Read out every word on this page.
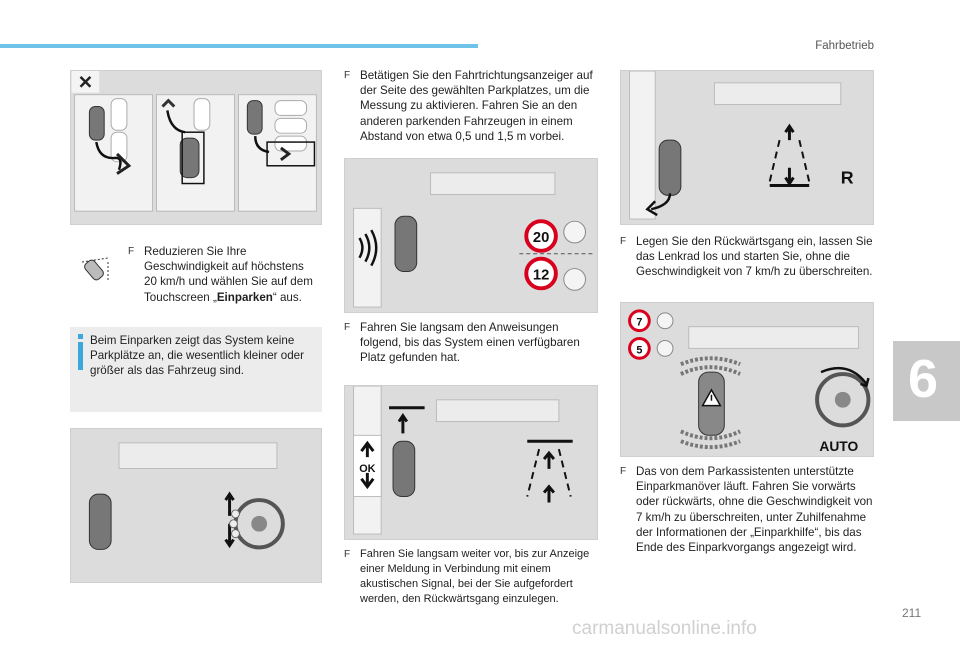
Fahrbetrieb
6
211
F Reduzieren Sie Ihre Geschwindigkeit auf höchstens 20 km/h und wählen Sie auf dem Touchscreen „Einparken“ aus.
Beim Einparken zeigt das System keine Parkplätze an, die wesentlich kleiner oder größer als das Fahrzeug sind.
F Betätigen Sie den Fahrtrichtungsanzeiger auf der Seite des gewählten Parkplatzes, um die Messung zu aktivieren. Fahren Sie an den anderen parkenden Fahrzeugen in einem Abstand von etwa 0,5 und 1,5 m vorbei.
20
12
F Fahren Sie langsam den Anweisungen folgend, bis das System einen verfügbaren Platz gefunden hat.
OK
F Fahren Sie langsam weiter vor, bis zur Anzeige einer Meldung in Verbindung mit einem akustischen Signal, bei der Sie aufgefordert werden, den Rückwärtsgang einzulegen.
R
F Legen Sie den Rückwärtsgang ein, lassen Sie das Lenkrad los und starten Sie, ohne die Geschwindigkeit von 7 km/h zu überschreiten.
7
5
AUTO
F Das von dem Parkassistenten unterstützte Einparkmanöver läuft. Fahren Sie vorwärts oder rückwärts, ohne die Geschwindigkeit von 7 km/h zu überschreiten, unter Zuhilfenahme der Informationen der „Einparkhilfe“, bis das Ende des Einparkvorgangs angezeigt wird.
carmanualsonline.info
